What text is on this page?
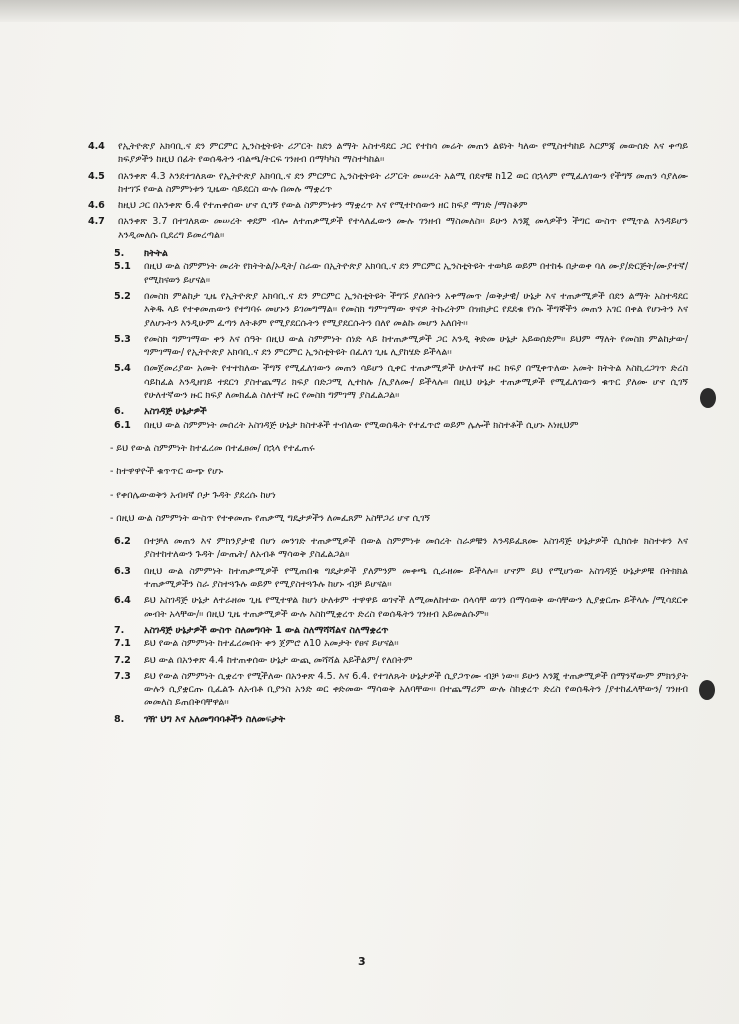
4.4	የኢትዮጵያ አክባቢ.ና ደን ምርምር ኢንስቲትዩት ሪፖርት ከደን ልማት አስተዳደር ጋር የተከሳ መሬት መጠን ልዩነት ካለው የሚስተካከይ እርምጃ መውሰድ እና ቀጣይ ክፍያዎችን ከዚህ በፊት የወሰዱትን ብልጫ/ትርፍ ገንዘብ በማካካስ ማስተካከል፡፡
4.5	በአንቀጽ 4.3 እንደተገለጸው የኢትዮጵያ አክባቢ.ና ደን ምርምር ኢንስቲትዩት ሪፖርት መሠረት አልሚ በደኖቹ ከ12 ወር በኋላም የሚፈለገውን የችግኝ መጠን ሳያለሙ ከተገኙ የውል ስምምነቱን ጊዜው ሳይደርስ ውሉ በመሉ ማቋረጥ
4.6	ከዚህ ጋር በአንቀጽ 6.4 የተጠቀሰው ሆኖ ሲገኝ የውል ስምምነቱን ማቋረጥ እና የሚተኮሰውን ዘር ክፍያ ማገድ /ማስቆም
4.7	በአንቀጽ 3.7 በተገለጸው መሠረት ቀደም ብሎ ለተጠቃሚዎች የተላለፈውን ሙሉ ገንዘብ ማስመለስ፡፡ ይሁን እንጂ መላዎችን ችግር ውስጥ የሚጥል እንዳይሆን እንዲመለሱ ቢደረግ ይመረጣል፡፡
5.	ክትትል
5.1	በዚህ ውል ስምምነት መሪት የክትትል/ኦዲት/ ስራው በኢትዮጵያ አክባቢ.ና ደን ምርምር ኢንስቲትዩት ተወካይ ወይም በተከፋ በታወቀ ባለ ሙያ/ድርጅት/ሙያተኛ/ የሚከናወን ይሆናል፡፡
5.2	በመስክ ምልከታ ጊዜ የኢትዮጵያ አክባቢ.ና ደን ምርምር ኢንስቲትዩት ችግኙ ያለበትን አቀማመጥ /ወቅታዊ/ ሁኔታ እና ተጠቃሚዎች በደን ልማት አስተዳደር እቅዱ ላይ የተቀመጠውን የተግባሩ መሆኑን ይገመግማል፡፡ የመስክ ግምገማው ዋናዎ ትኩረትም በዝክታር የደደቁ የነሱ ችግኞችን መጠን አገር በቀል የሆኑትን እና ያለሆኑትን እንዲሁም ፈጣን ለትቶም የሚያደርሱትን የሚያደርሱትን በለየ መልኩ መሆን አለበት፡፡
5.3	የመስክ ግምገማው ቀን እና ሰዓት በዚህ ውል ስምምነት ሰነድ ላይ ከተጠቃሚዎች ጋር እንዲ ቅድመ ሁኔታ አይወሰድም፡፡ ይህም ማለት የመስክ ምልከታው/ግምገማው/ የኢትዮጵያ አክባቢ.ና ደን ምርምር ኢንስቲትዩት በፈለገ ጊዜ ሊያከሄድ ይችላል፡፡
5.4	በመጀመሪያው አመት የተተከለው ችግኝ የሚፈለገውን መጠን ሳይሆን ሲቀር ተጠቃሚዎች ሁለተኛ ዙር ክፍያ በሚቀጥለው አመት ክትትል እስኪረጋገጥ ድረስ ሳይከፈል እንዲዘገይ ተደርጎ ያስተጨማሪ ክፍያ በድጋሚ ሊተከሉ /ሊያለሙ/ ይችላሉ፡፡ በዚህ ሁኔታ ተጠቃሚዎች የሚፈለገውን ቁጥር ያለሙ ሆኖ ሲገኝ የሁለተኛውን ዙር ክፍያ ለመክፈል ስለተኛ ዙር የመስክ ግምገማ ያስፈልጋል፡፡
6.	አስገዳጅ ሁኔታዎች
6.1	በዚህ ውል ስምምነት መሰረት አስገዳጅ ሁኔታ ክስተቶች ተብለው የሚወሰዱት የተፈጥሮ ወይም ሌሎች ክስተቶች ሲሆኑ እነዚህም
- ይህ የውል ስምምነት ከተፈረመ በተፈፀመ/ በኋላ የተፈጠሩ
- ከተዋዋዮች ቁጥጥር ውጭ የሆኑ
- የቀበሌውወቅን አብዛኛ ቦታ ጉዳት ያደረሱ ከሆነ
- በዚህ ውል ስምምነት ውስጥ የተቀመጡ የጠቃሚ ግዴታዎችን ለመፈጸም አስቸጋሪ ሆኖ ሲገኝ
6.2	በተቻለ መጠን እና ምክንያታዊ በሆነ መንገድ ተጠቃሚዎች በውል ስምምነቱ መሰረት ስራዎቹን እንዳይፈጸሙ አስገዳጅ ሁኔታዎች ሲከሰቱ ክስተቱን እና ያስተከተለውን ጉዳት /ውጤት/ ለአብቶ ማሳወቅ ያስፈልጋል፡፡
6.3	በዚህ ውል ስምምነት ከተጠቃሚዎች የሚጠበቁ ግዴታዎች ያለምንም መቀጫ ሲራዘሙ ይችላሉ፡፡ ሆኖም ይህ የሚሆነው አስገዳጅ ሁኔታዎቹ በትክክል ተጠቃሚዎችን ስራ ያስተጓጉሉ ወይም የሚያስተጓጉሉ ከሆኑ ብቻ ይሆናል፡፡
6.4	ይህ አስገዳጅ ሁኔታ ለተራዘመ ጊዜ የሚተዋል ከሆነ ሁለቱም ተዋዋይ ወገኖች ለሚመለከተው ሰላሳቸ ወገን በማሳወቅ ውሳቸውን ሊያቋርጡ ይችላሉ /ሚሳደርቀ መብት አላቸው/፡፡ በዚህ ጊዜ ተጠቃሚዎች ውሉ እስከሚቋረጥ ድረስ የወሰዱትን ገንዘብ አይመልሱም፡፡
7.	አስገዳጅ ሁኔታዎች ውስጥ ስለመግባት 1 ውል ስለማሻሻልና ስለማቋረጥ
7.1	ይህ የውል ስምምነት ከተፈረመበት ቀን ጀምሮ ለ10 አመታት የፀና ይሆናል፡፡
7.2	ይህ ውል በአንቀጽ 4.4 ከተጠቀሰው ሁኔታ ውጪ መሻሻል አይችልም/ የለበትም
7.3	ይህ የውል ስምምነት ሲቋረጥ የሚችለው በአንቀጽ 4.5. እና 6.4. የተገለጹት ሁኔታዎች ሲያጋጥሙ ብቻ ነው፡፡ ይሁን እንጂ ተጠቃሚዎች በማንኛውም ምክንያት ውሉን ሲያቋርጡ ቢፈልጉ ለአብቶ ቢያንስ አንድ ወር ቀድመው ማሳወቅ አለባቸው፡፡ በተጨማሪም ውሉ ስከቋረጥ ድረስ የወሰዱትን /ያተከፈላቸውን/ ገንዘብ መመለስ ይጠበቅባቸዋል፡፡
8.	ገዥ ህግ እና አለመግባባቶችን ስለመፍታት
3
